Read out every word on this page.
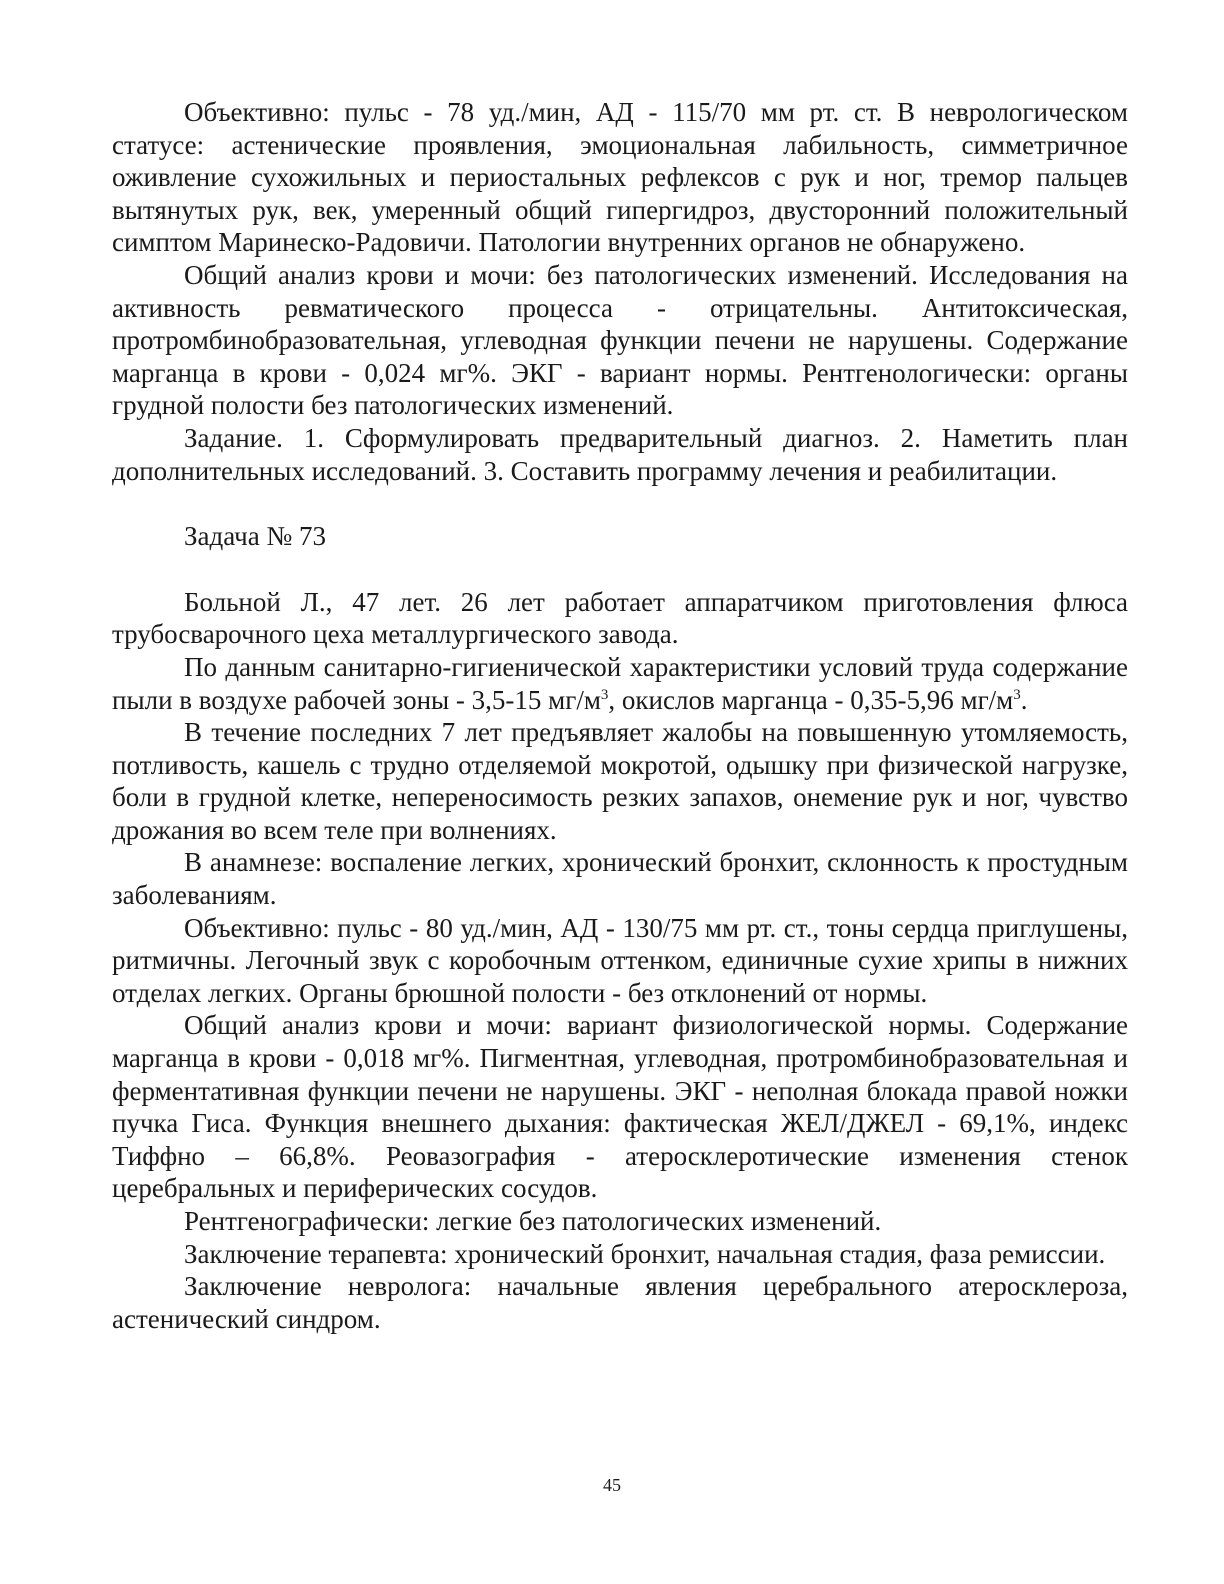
Объективно: пульс - 78 уд./мин, АД - 115/70 мм рт. ст. В неврологическом статусе: астенические проявления, эмоциональная лабильность, симметричное оживление сухожильных и периостальных рефлексов с рук и ног, тремор пальцев вытянутых рук, век, умеренный общий гипергидроз, двусторонний положительный симптом Маринеско-Радовичи. Патологии внутренних органов не обнаружено.

Общий анализ крови и мочи: без патологических изменений. Исследования на активность ревматического процесса - отрицательны. Антитоксическая, протромбинобразовательная, углеводная функции печени не нарушены. Содержание марганца в крови - 0,024 мг%. ЭКГ - вариант нормы. Рентгенологически: органы грудной полости без патологических изменений.

Задание. 1. Сформулировать предварительный диагноз. 2. Наметить план дополнительных исследований. 3. Составить программу лечения и реабилитации.

Задача № 73

Больной Л., 47 лет. 26 лет работает аппаратчиком приготовления флюса трубосварочного цеха металлургического завода.

По данным санитарно-гигиенической характеристики условий труда содержание пыли в воздухе рабочей зоны - 3,5-15 $мг/м^3$, окислов марганца - 0,35-5,96 $мг/м^3$.

В течение последних 7 лет предъявляет жалобы на повышенную утомляемость, потливость, кашель с трудно отделяемой мокротой, одышку при физической нагрузке, боли в грудной клетке, непереносимость резких запахов, онемение рук и ног, чувство дрожания во всем теле при волнениях.

В анамнезе: воспаление легких, хронический бронхит, склонность к простудным заболеваниям.

Объективно: пульс - 80 уд./мин, АД - 130/75 мм рт. ст., тоны сердца приглушены, ритмичны. Легочный звук с коробочным оттенком, единичные сухие хрипы в нижних отделах легких. Органы брюшной полости - без отклонений от нормы.

Общий анализ крови и мочи: вариант физиологической нормы. Содержание марганца в крови - 0,018 мг%. Пигментная, углеводная, протромбинобразовательная и ферментативная функции печени не нарушены. ЭКГ - неполная блокада правой ножки пучка Гиса. Функция внешнего дыхания: фактическая ЖЕЛ/ДЖЕЛ - 69,1%, индекс Тиффно – 66,8%. Реовазография - атеросклеротические изменения стенок церебральных и периферических сосудов.

Рентгенографически: легкие без патологических изменений.

Заключение терапевта: хронический бронхит, начальная стадия, фаза ремиссии.

Заключение невролога: начальные явления церебрального атеросклероза, астенический синдром.

45
